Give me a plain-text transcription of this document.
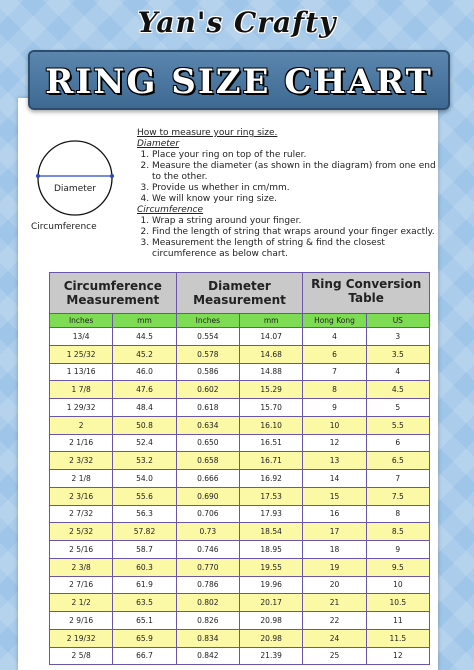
Yan's Crafty
RING SIZE CHART
Diameter
Circumference
How to measure your ring size.
Diameter
1. Place your ring on top of the ruler.
2. Measure the diameter (as shown in the diagram) from one end to the other.
3. Provide us whether in cm/mm.
4. We will know your ring size.
Circumference
1. Wrap a string around your finger.
2. Find the length of string that wraps around your finger exactly.
3. Measurement the length of string & find the closest circumference as below chart.
Circumference Measurement		Diameter Measurement		Ring Conversion Table	
Inches	mm	Inches	mm	Hong Kong	US
13/4	44.5	0.554	14.07	4	3
1 25/32	45.2	0.578	14.68	6	3.5
1 13/16	46.0	0.586	14.88	7	4
1 7/8	47.6	0.602	15.29	8	4.5
1 29/32	48.4	0.618	15.70	9	5
2	50.8	0.634	16.10	10	5.5
2 1/16	52.4	0.650	16.51	12	6
2 3/32	53.2	0.658	16.71	13	6.5
2 1/8	54.0	0.666	16.92	14	7
2 3/16	55.6	0.690	17.53	15	7.5
2 7/32	56.3	0.706	17.93	16	8
2 5/32	57.82	0.73	18.54	17	8.5
2 5/16	58.7	0.746	18.95	18	9
2 3/8	60.3	0.770	19.55	19	9.5
2 7/16	61.9	0.786	19.96	20	10
2 1/2	63.5	0.802	20.17	21	10.5
2 9/16	65.1	0.826	20.98	22	11
2 19/32	65.9	0.834	20.98	24	11.5
2 5/8	66.7	0.842	21.39	25	12
